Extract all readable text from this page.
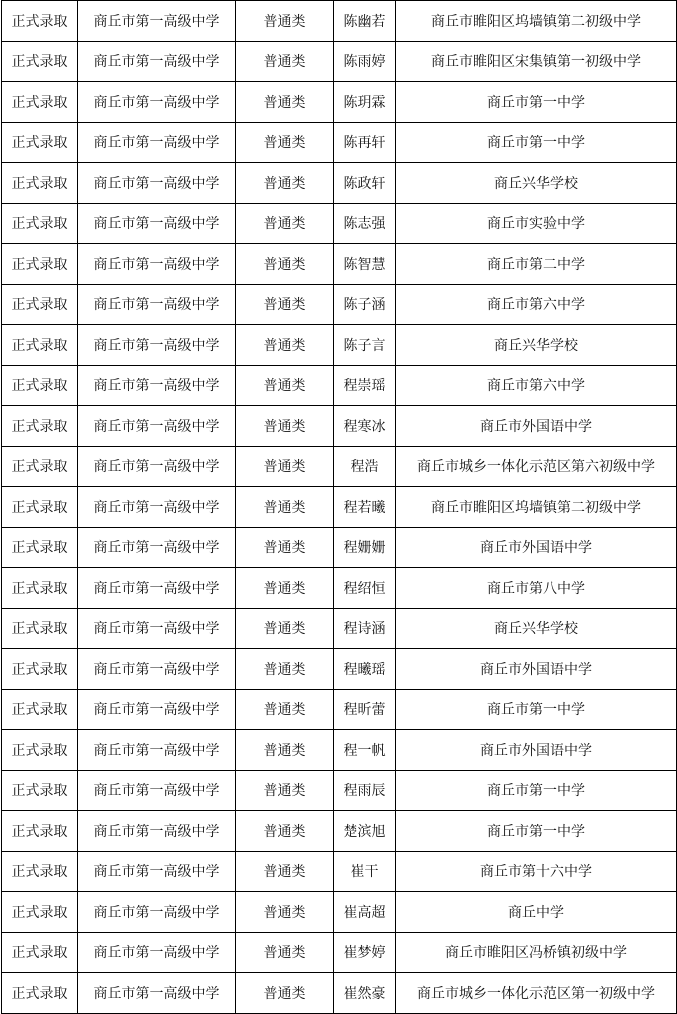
正式录取	商丘市第一高级中学	普通类	陈幽若	商丘市睢阳区坞墙镇第二初级中学
正式录取	商丘市第一高级中学	普通类	陈雨婷	商丘市睢阳区宋集镇第一初级中学
正式录取	商丘市第一高级中学	普通类	陈玥霖	商丘市第一中学
正式录取	商丘市第一高级中学	普通类	陈再轩	商丘市第一中学
正式录取	商丘市第一高级中学	普通类	陈政轩	商丘兴华学校
正式录取	商丘市第一高级中学	普通类	陈志强	商丘市实验中学
正式录取	商丘市第一高级中学	普通类	陈智慧	商丘市第二中学
正式录取	商丘市第一高级中学	普通类	陈子涵	商丘市第六中学
正式录取	商丘市第一高级中学	普通类	陈子言	商丘兴华学校
正式录取	商丘市第一高级中学	普通类	程崇瑶	商丘市第六中学
正式录取	商丘市第一高级中学	普通类	程寒冰	商丘市外国语中学
正式录取	商丘市第一高级中学	普通类	程浩	商丘市城乡一体化示范区第六初级中学
正式录取	商丘市第一高级中学	普通类	程若曦	商丘市睢阳区坞墙镇第二初级中学
正式录取	商丘市第一高级中学	普通类	程姗姗	商丘市外国语中学
正式录取	商丘市第一高级中学	普通类	程绍恒	商丘市第八中学
正式录取	商丘市第一高级中学	普通类	程诗涵	商丘兴华学校
正式录取	商丘市第一高级中学	普通类	程曦瑶	商丘市外国语中学
正式录取	商丘市第一高级中学	普通类	程昕蕾	商丘市第一中学
正式录取	商丘市第一高级中学	普通类	程一帆	商丘市外国语中学
正式录取	商丘市第一高级中学	普通类	程雨辰	商丘市第一中学
正式录取	商丘市第一高级中学	普通类	楚滨旭	商丘市第一中学
正式录取	商丘市第一高级中学	普通类	崔干	商丘市第十六中学
正式录取	商丘市第一高级中学	普通类	崔高超	商丘中学
正式录取	商丘市第一高级中学	普通类	崔梦婷	商丘市睢阳区冯桥镇初级中学
正式录取	商丘市第一高级中学	普通类	崔然豪	商丘市城乡一体化示范区第一初级中学
